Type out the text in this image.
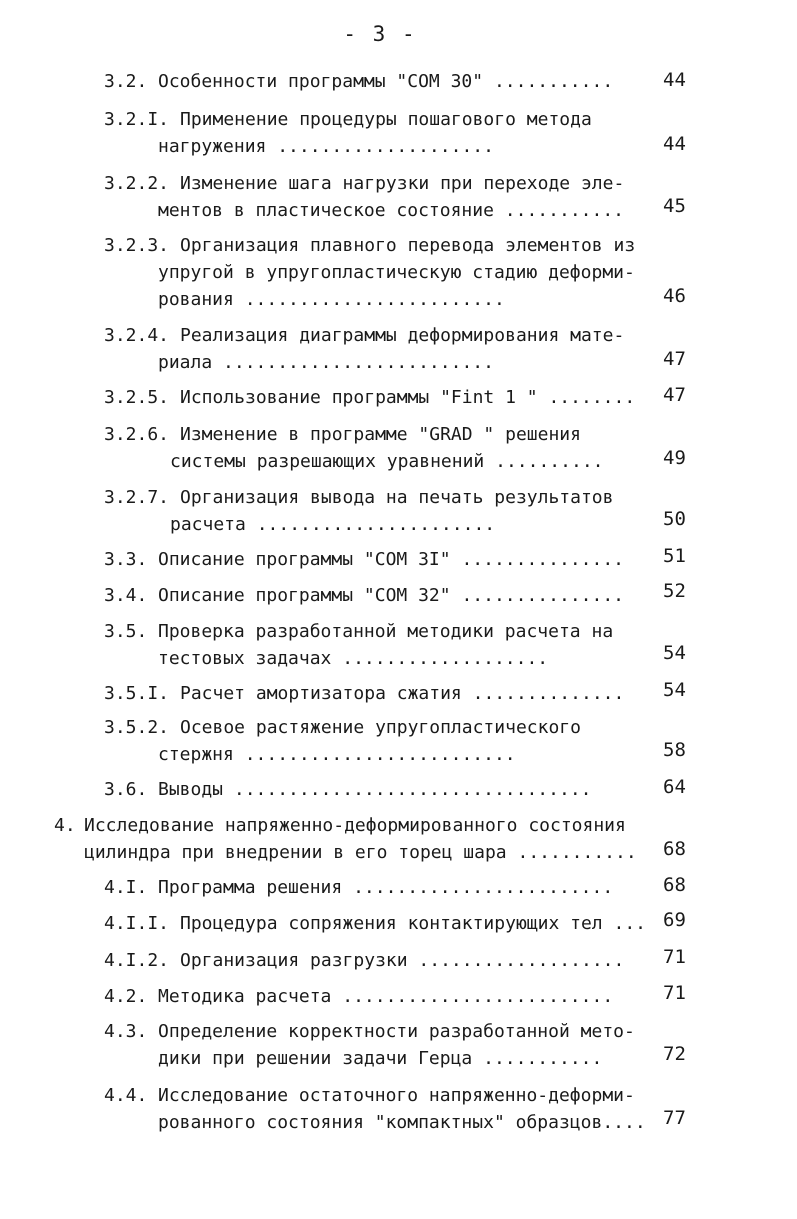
- 3 -
3.2. Особенности программы "COM 30" ...........	44
3.2.I. Применение процедуры пошагового метода
нагружения ....................	44
3.2.2. Изменение шага нагрузки при переходе эле-
ментов в пластическое состояние ........... 45
3.2.3. Организация плавного перевода элементов из
упругой в упругопластическую стадию деформи-
рования ........................	46
3.2.4. Реализация диаграммы деформирования мате-
риала .........................	47
3.2.5. Использование программы "Fint 1 " ........ 47
3.2.6. Изменение в программе "GRAD " решения
системы разрешающих уравнений ..........	49
3.2.7. Организация вывода на печать результатов
расчета ......................	50
3.3. Описание программы "COM 3I" ............... 51
3.4. Описание программы "COM 32" ............... 52
3.5. Проверка разработанной методики расчета на
тестовых задачах ...................	54
3.5.I. Расчет амортизатора сжатия .............. 54
3.5.2. Осевое растяжение упругопластического
стержня .........................	58
3.6. Выводы .................................	64
4. Исследование напряженно-деформированного состояния
цилиндра при внедрении в его торец шара ........... 68
4.I. Программа решения ........................	68
4.I.I. Процедура сопряжения контактирующих тел ... 69
4.I.2. Организация разгрузки ................... 71
4.2. Методика расчета .........................	71
4.3. Определение корректности разработанной мето-
дики при решении задачи Герца ...........	72
4.4. Исследование остаточного напряженно-деформи-
рованного состояния "компактных" образцов.... 77
